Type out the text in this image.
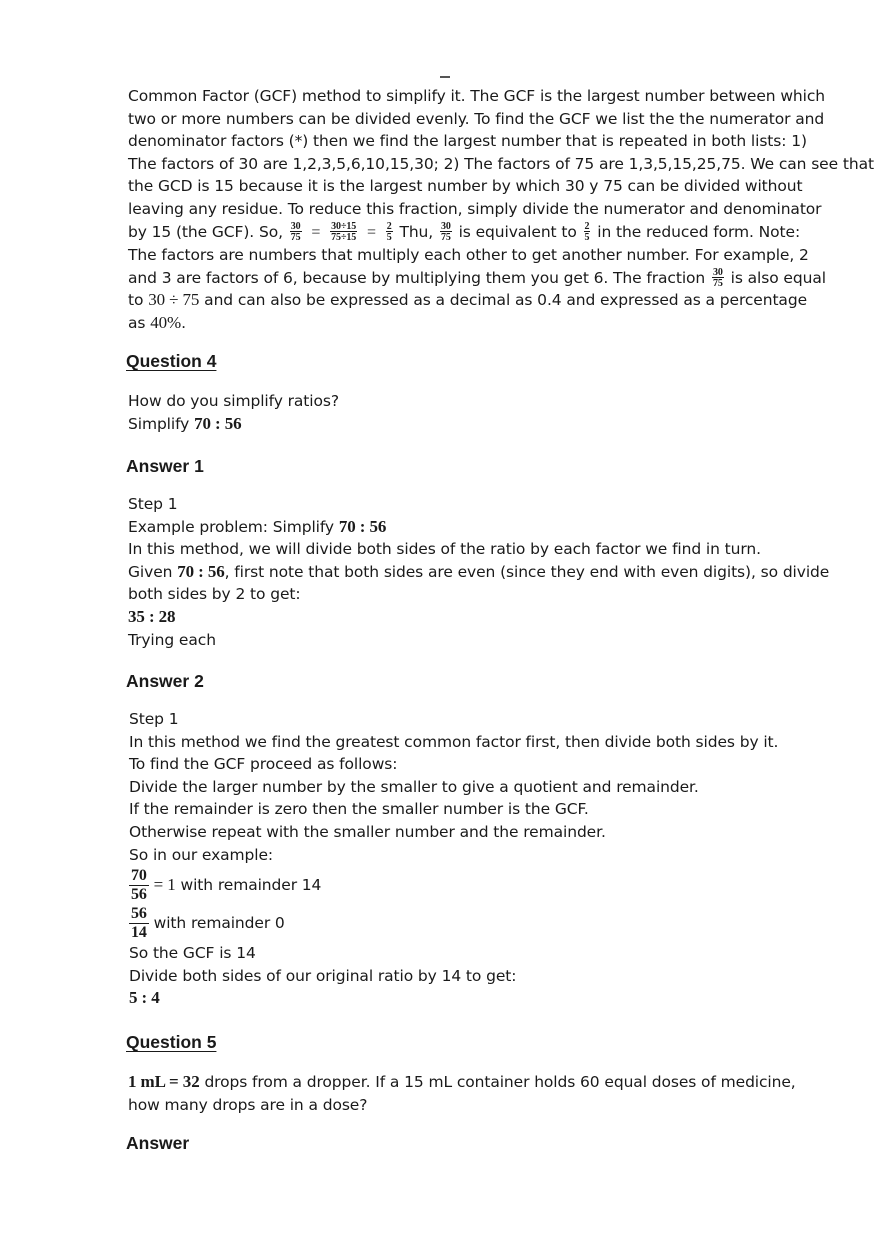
Common Factor (GCF) method to simplify it. The GCF is the largest number between which
two or more numbers can be divided evenly. To find the GCF we list the the numerator and
denominator factors (*) then we find the largest number that is repeated in both lists: 1)
The factors of 30 are 1,2,3,5,6,10,15,30; 2) The factors of 75 are 1,3,5,15,25,75. We can see that
the GCD is 15 because it is the largest number by which 30 y 75 can be divided without
leaving any residue. To reduce this fraction, simply divide the numerator and denominator
by 15 (the GCF). So, $\frac{30}{75} = \frac{30\div 15}{75\div 15} = \frac{2}{5}$ Thu, $\frac{30}{75}$ is equivalent to $\frac{2}{5}$ in the reduced form. Note:
The factors are numbers that multiply each other to get another number. For example, 2
and 3 are factors of 6, because by multiplying them you get 6. The fraction $\frac{30}{75}$ is also equal
to 30 ÷ 75 and can also be expressed as a decimal as 0.4 and expressed as a percentage
as 40%.
Question 4
How do you simplify ratios?
Simplify 70 : 56
Answer 1
Step 1
Example problem: Simplify 70 : 56
In this method, we will divide both sides of the ratio by each factor we find in turn.
Given 70 : 56, first note that both sides are even (since they end with even digits), so divide
both sides by 2 to get:
35 : 28
Trying each
Answer 2
Step 1
In this method we find the greatest common factor first, then divide both sides by it.
To find the GCF proceed as follows:
Divide the larger number by the smaller to give a quotient and remainder.
If the remainder is zero then the smaller number is the GCF.
Otherwise repeat with the smaller number and the remainder.
So in our example:
$\frac{70}{56} = 1$ with remainder 14
$\frac{56}{14}$ with remainder 0
So the GCF is 14
Divide both sides of our original ratio by 14 to get:
5 : 4
Question 5
1 mL = 32 drops from a dropper. If a 15 mL container holds 60 equal doses of medicine,
how many drops are in a dose?
Answer
